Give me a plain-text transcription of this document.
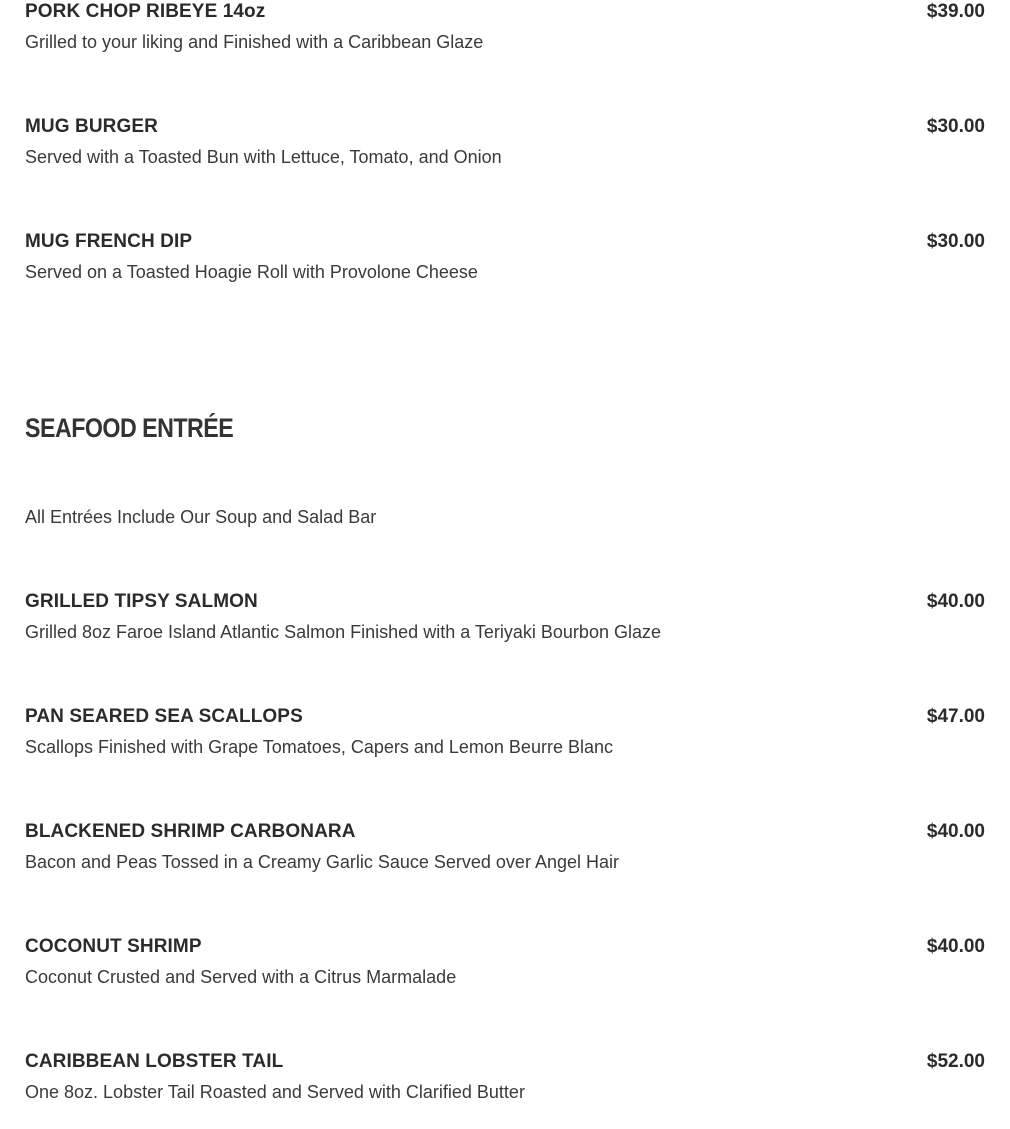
PORK CHOP RIBEYE 14oz	$39.00
Grilled to your liking and Finished with a Caribbean Glaze
MUG BURGER	$30.00
Served with a Toasted Bun with Lettuce, Tomato, and Onion
MUG FRENCH DIP	$30.00
Served on a Toasted Hoagie Roll with Provolone Cheese
SEAFOOD ENTRÉE
All Entrées Include Our Soup and Salad Bar
GRILLED TIPSY SALMON	$40.00
Grilled 8oz Faroe Island Atlantic Salmon Finished with a Teriyaki Bourbon Glaze
PAN SEARED SEA SCALLOPS	$47.00
Scallops Finished with Grape Tomatoes, Capers and Lemon Beurre Blanc
BLACKENED SHRIMP CARBONARA	$40.00
Bacon and Peas Tossed in a Creamy Garlic Sauce Served over Angel Hair
COCONUT SHRIMP	$40.00
Coconut Crusted and Served with a Citrus Marmalade
CARIBBEAN LOBSTER TAIL	$52.00
One 8oz. Lobster Tail Roasted and Served with Clarified Butter
